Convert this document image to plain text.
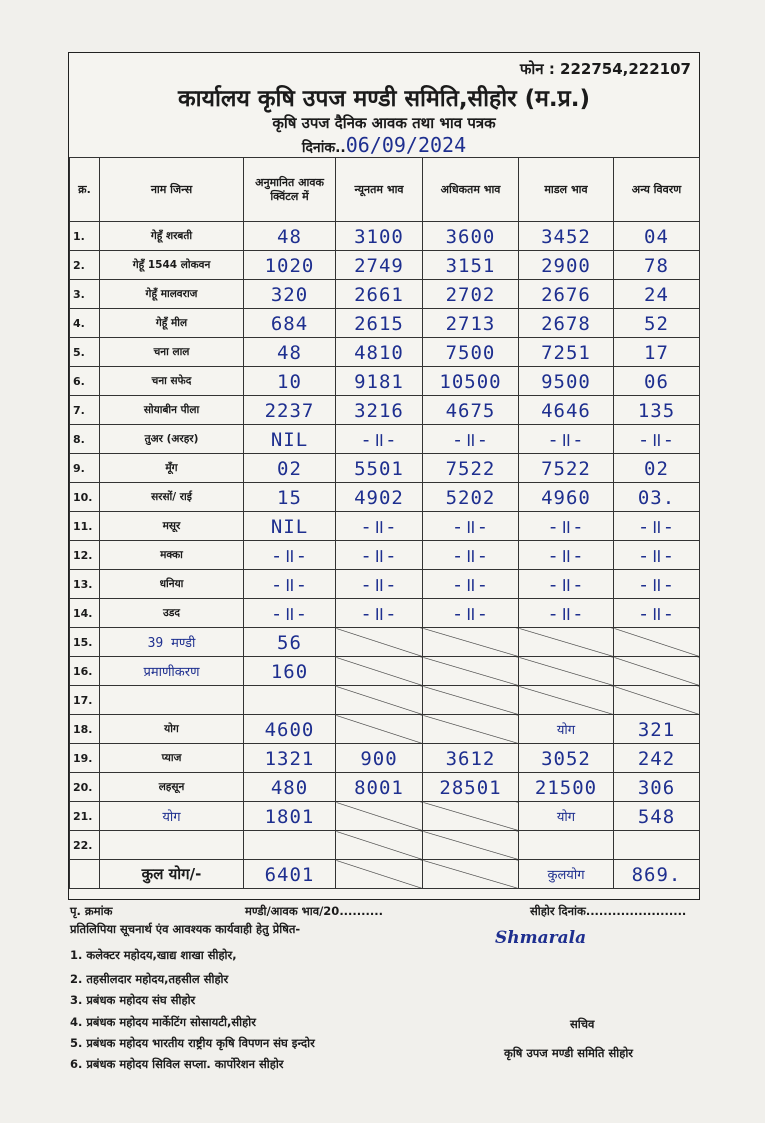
फोन : 222754,222107
कार्यालय कृषि उपज मण्डी समिति,सीहोर (म.प्र.)
कृषि उपज दैनिक आवक तथा भाव पत्रक
दिनांक..06/09/2024
क्र.	नाम जिन्स	अनुमानित आवक क्विंटल में	न्यूनतम भाव	अधिकतम भाव	माडल भाव	अन्य विवरण
1.	गेहूँ शरबती	48	3100	3600	3452	04
2.	गेहूँ 1544 लोकवन	1020	2749	3151	2900	78
3.	गेहूँ मालवराज	320	2661	2702	2676	24
4.	गेहूँ मील	684	2615	2713	2678	52
5.	चना लाल	48	4810	7500	7251	17
6.	चना सफेद	10	9181	10500	9500	06
7.	सोयाबीन पीला	2237	3216	4675	4646	135
8.	तुअर (अरहर)	NIL	-॥-	-॥-	-॥-	-॥-
9.	मूँग	02	5501	7522	7522	02
10.	सरसों/ राई	15	4902	5202	4960	03.
11.	मसूर	NIL	-॥-	-॥-	-॥-	-॥-
12.	मक्का	-॥-	-॥-	-॥-	-॥-	-॥-
13.	धनिया	-॥-	-॥-	-॥-	-॥-	-॥-
14.	उडद	-॥-	-॥-	-॥-	-॥-	-॥-
15.	39 मण्डी	56				
16.	प्रमाणीकरण	160				
17.						
18.	योग	4600			योग	321
19.	प्याज	1321	900	3612	3052	242
20.	लहसून	480	8001	28501	21500	306
21.	योग	1801			योग	548
22.						
	कुल योग/-	6401			कुलयोग	869.
पृ. क्रमांक	मण्डी/आवक भाव/20..........	सीहोर दिनांक.......................
प्रतिलिपिया सूचनार्थ एंव आवश्यक कार्यवाही हेतु प्रेषित-	Shmarala
1. कलेक्टर महोदय,खाद्य शाखा सीहोर,
2. तहसीलदार महोदय,तहसील सीहोर
3. प्रबंधक महोदय संघ सीहोर
4. प्रबंधक महोदय मार्केटिंग सोसायटी,सीहोर
5. प्रबंधक महोदय भारतीय राष्ट्रीय कृषि विपणन संघ इन्दोर
6. प्रबंधक महोदय सिविल सप्ला. कार्पोरेशन सीहोर
सचिव
कृषि उपज मण्डी समिति सीहोर
